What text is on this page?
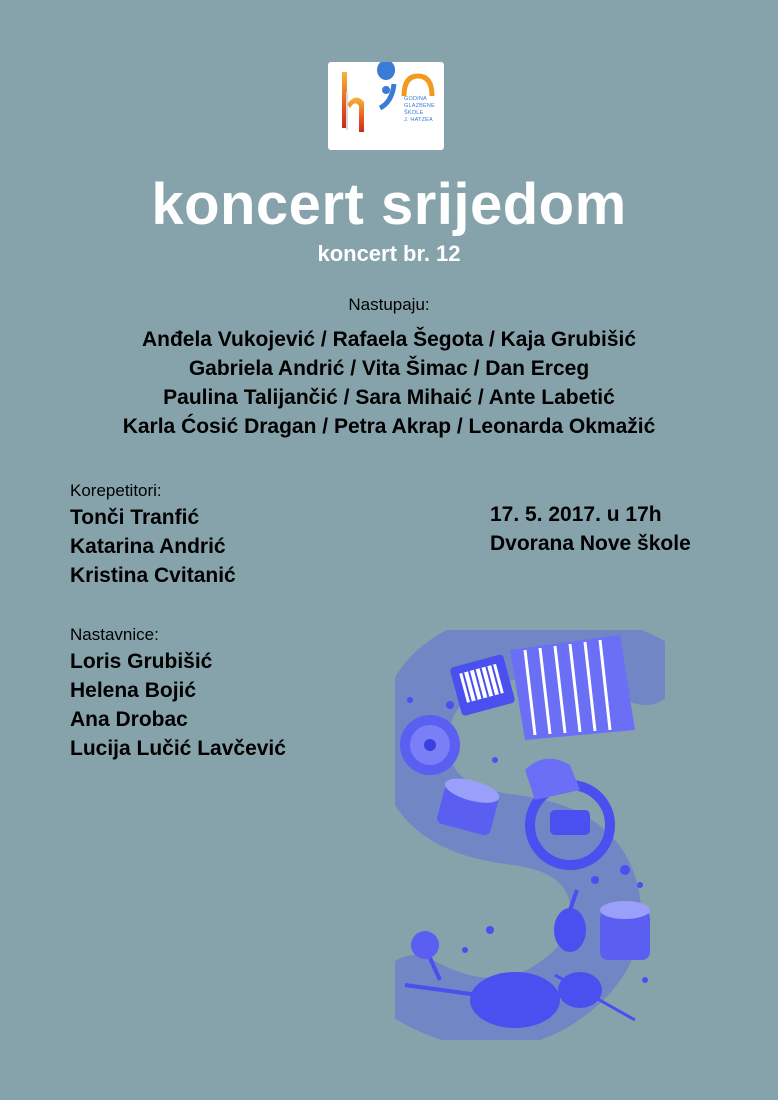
GODINA
GLAZBENE
ŠKOLE
J. HATZEA
koncert srijedom
koncert br. 12
Nastupaju:
Anđela Vukojević / Rafaela Šegota / Kaja Grubišić
Gabriela Andrić / Vita Šimac / Dan Erceg
Paulina Talijančić / Sara Mihaić / Ante Labetić
Karla Ćosić Dragan / Petra Akrap / Leonarda Okmažić
Korepetitori:
Tonči Tranfić
Katarina Andrić
Kristina Cvitanić
17. 5. 2017. u 17h
Dvorana Nove škole
Nastavnice:
Loris Grubišić
Helena Bojić
Ana Drobac
Lucija Lučić Lavčević
